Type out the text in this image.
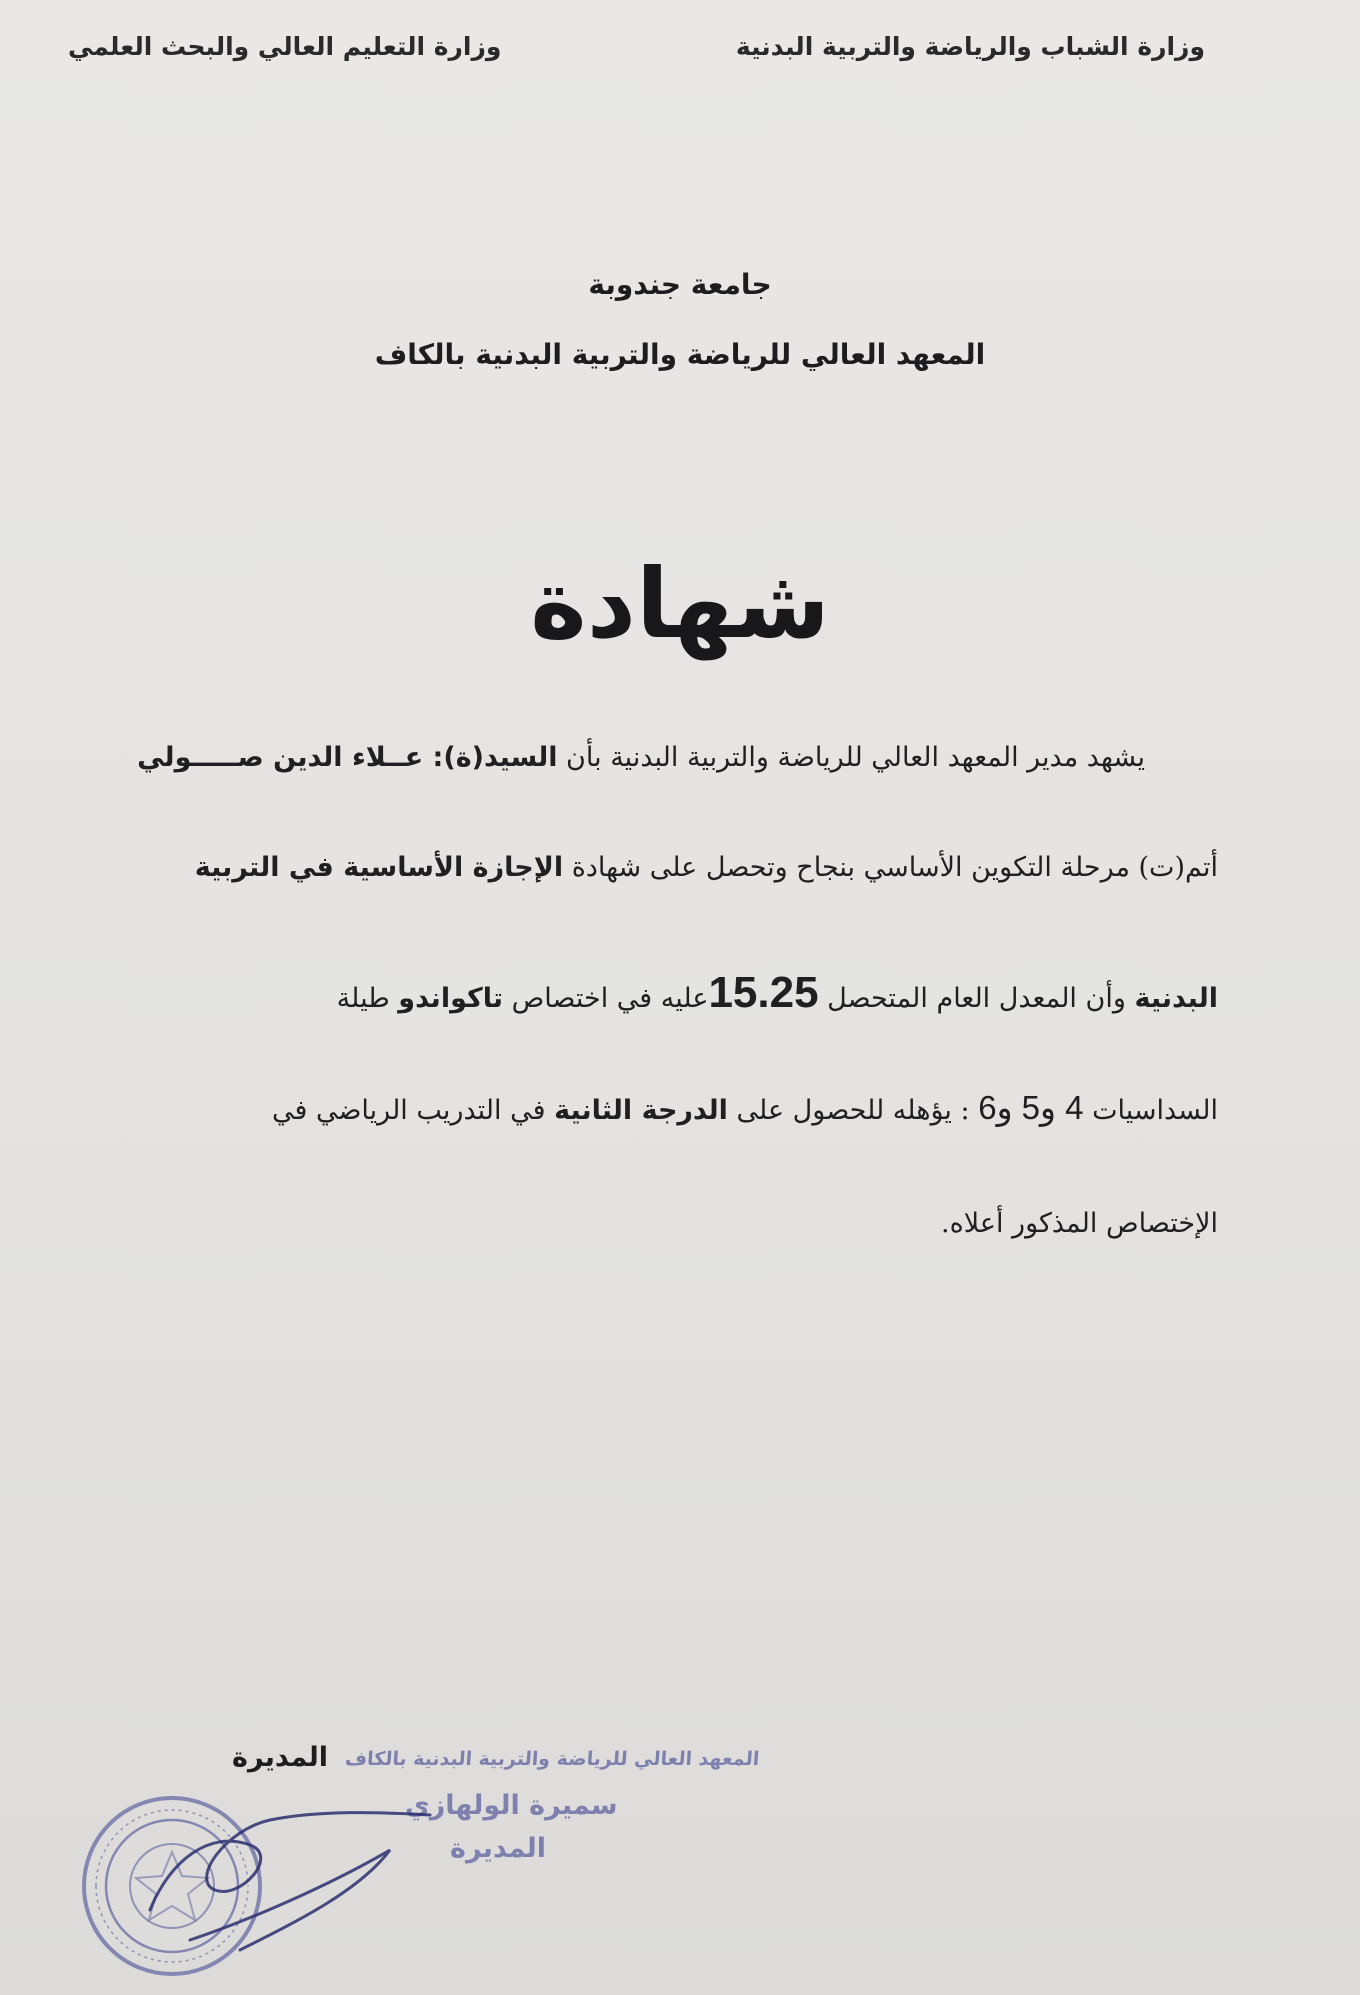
وزارة الشباب والرياضة والتربية البدنية
وزارة التعليم العالي والبحث العلمي
جامعة جندوبة
المعهد العالي للرياضة والتربية البدنية بالكاف
شهادة
يشهد مدير المعهد العالي للرياضة والتربية البدنية بأن السيد(ة): عــلاء الدين صـــــولي
أتم(ت) مرحلة التكوين الأساسي بنجاح وتحصل على شهادة الإجازة الأساسية في التربية
البدنية وأن المعدل العام المتحصل 15.25عليه في اختصاص تاكواندو طيلة
السداسيات 4 و5 و6 : يؤهله للحصول على الدرجة الثانية في التدريب الرياضي في
الإختصاص المذكور أعلاه.
المديرة المعهد العالي للرياضة والتربية البدنية بالكاف
سميرة الولهازي
المديرة
